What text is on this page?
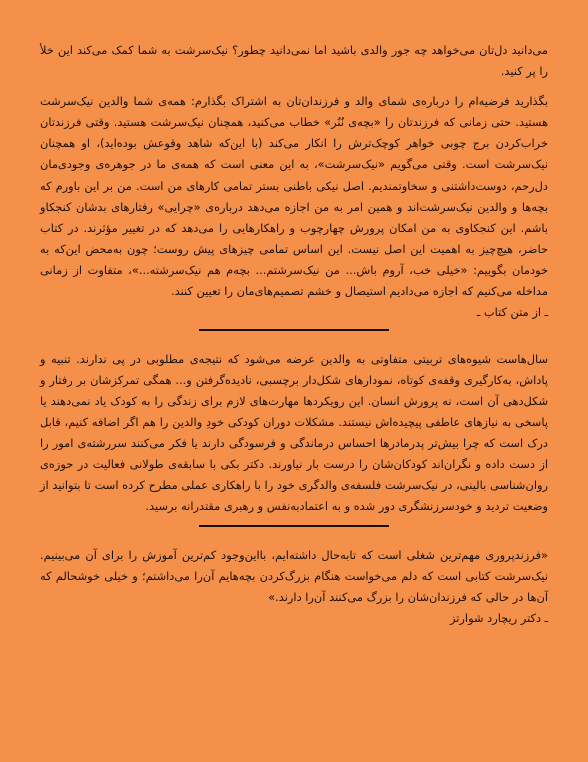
می‌دانید دل‌تان می‌خواهد چه جور والدی باشید اما نمی‌دانید چطور؟ نیک‌سرشت به شما کمک می‌کند این خلأ را پر کنید.

بگذارید فرضیه‌ام را درباره‌ی شمای والد و فرزندان‌تان به اشتراک بگذارم: همه‌ی شما والدین نیک‌سرشت هستید. حتی زمانی که فرزندتان را «بچه‌ی نُنُر» خطاب می‌کنید، همچنان نیک‌سرشت هستید. وقتی فرزندتان خراب‌کردن برج چوبی خواهر کوچک‌ترش را انکار می‌کند (با این‌که شاهد وقوعش بوده‌اید)، او همچنان نیک‌سرشت است. وقتی می‌گویم «نیک‌سرشت»، به این معنی است که همه‌ی ما در جوهره‌ی وجودی‌مان دل‌رحم، دوست‌داشتنی و سخاوتمندیم. اصل نیکی باطنی بستر تمامی کارهای من است. من بر این باورم که بچه‌ها و والدین نیک‌سرشت‌اند و همین امر به من اجازه می‌دهد درباره‌ی «چرایی» رفتارهای بدشان کنجکاو باشم. این کنجکاوی به من امکان پرورش چهارچوب و راهکارهایی را می‌دهد که در تغییر مؤثرند. در کتاب حاضر، هیچ‌چیز به اهمیت این اصل نیست. این اساس تمامی چیزهای پیش روست؛ چون به‌محض این‌که به خودمان بگوییم: «خیلی خب، آروم باش... من نیک‌سرشتم... بچه‌م هم نیک‌سرشته...»، متفاوت از زمانی مداخله می‌کنیم که اجازه می‌دادیم استیصال و خشم تصمیم‌های‌مان را تعیین کنند.

ـ از متن کتاب ـ

سال‌هاست شیوه‌های تربیتی متفاوتی به والدین عرضه می‌شود که نتیجه‌ی مطلوبی در پی ندارند. تنبیه و پاداش، به‌کارگیری وقفه‌ی کوتاه، نمودارهای شکل‌دار برچسبی، نادیده‌گرفتن و... همگی تمرکزشان بر رفتار و شکل‌دهی آن است، نه پرورش انسان. این رویکردها مهارت‌های لازم برای زندگی را به کودک یاد نمی‌دهند یا پاسخی به نیازهای عاطفی پیچیده‌اش نیستند. مشکلات دوران کودکی خودِ والدین را هم اگر اضافه کنیم، قابل درک است که چرا بیش‌تر پدرمادرها احساس درماندگی و فرسودگی دارند یا فکر می‌کنند سررشته‌ی امور را از دست داده و نگران‌اند کودکان‌شان را درست بار نیاورند. دکتر بکی با سابقه‌ی طولانی فعالیت در حوزه‌ی روان‌شناسی بالینی، در نیک‌سرشت فلسفه‌ی والدگری خود را با راهکاری عملی مطرح کرده است تا بتوانید از وضعیت تردید و خودسرزنشگری دور شده و به اعتمادبه‌نفس و رهبری مقتدرانه برسید.

«فرزندپروری مهم‌ترین شغلی است که تابه‌حال داشته‌ایم، بااین‌وجود کم‌ترین آموزش را برای آن می‌بینیم. نیک‌سرشت کتابی است که دلم می‌خواست هنگام بزرگ‌کردن بچه‌هایم آن‌را می‌داشتم؛ و خیلی خوشحالم که آن‌ها در حالی که فرزندان‌شان را بزرگ می‌کنند آن‌را دارند.»

ـ دکتر ریچارد شوارتز
